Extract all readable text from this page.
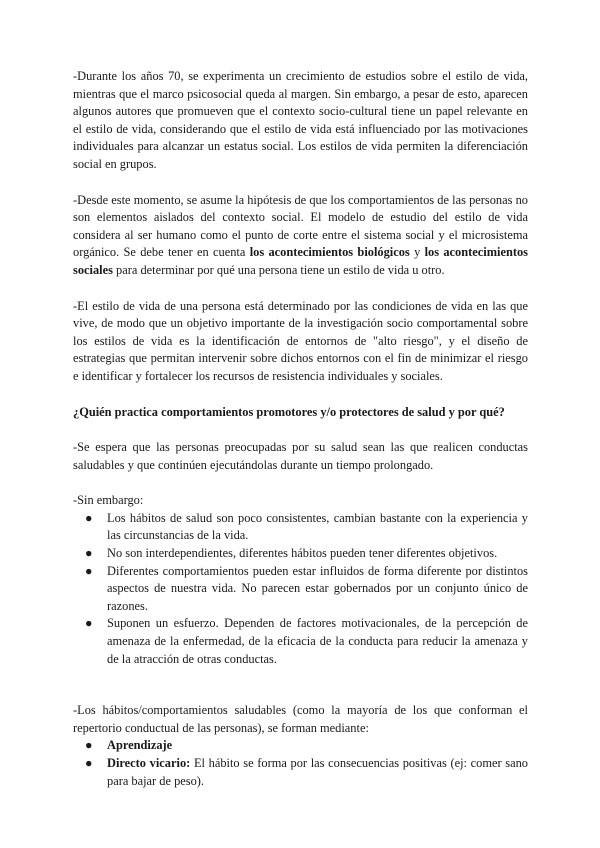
-Durante los años 70, se experimenta un crecimiento de estudios sobre el estilo de vida, mientras que el marco psicosocial queda al margen. Sin embargo, a pesar de esto, aparecen algunos autores que promueven que el contexto socio-cultural tiene un papel relevante en el estilo de vida, considerando que el estilo de vida está influenciado por las motivaciones individuales para alcanzar un estatus social. Los estilos de vida permiten la diferenciación social en grupos.

-Desde este momento, se asume la hipótesis de que los comportamientos de las personas no son elementos aislados del contexto social. El modelo de estudio del estilo de vida considera al ser humano como el punto de corte entre el sistema social y el microsistema orgánico. Se debe tener en cuenta los acontecimientos biológicos y los acontecimientos sociales para determinar por qué una persona tiene un estilo de vida u otro.

-El estilo de vida de una persona está determinado por las condiciones de vida en las que vive, de modo que un objetivo importante de la investigación socio comportamental sobre los estilos de vida es la identificación de entornos de "alto riesgo", y el diseño de estrategias que permitan intervenir sobre dichos entornos con el fin de minimizar el riesgo e identificar y fortalecer los recursos de resistencia individuales y sociales.

¿Quién practica comportamientos promotores y/o protectores de salud y por qué?

-Se espera que las personas preocupadas por su salud sean las que realicen conductas saludables y que continúen ejecutándolas durante un tiempo prolongado.

-Sin embargo:

● Los hábitos de salud son poco consistentes, cambian bastante con la experiencia y las circunstancias de la vida.
● No son interdependientes, diferentes hábitos pueden tener diferentes objetivos.
● Diferentes comportamientos pueden estar influidos de forma diferente por distintos aspectos de nuestra vida. No parecen estar gobernados por un conjunto único de razones.
● Suponen un esfuerzo. Dependen de factores motivacionales, de la percepción de amenaza de la enfermedad, de la eficacia de la conducta para reducir la amenaza y de la atracción de otras conductas.

-Los hábitos/comportamientos saludables (como la mayoría de los que conforman el repertorio conductual de las personas), se forman mediante:

● Aprendizaje
● Directo vicario: El hábito se forma por las consecuencias positivas (ej: comer sano para bajar de peso).
